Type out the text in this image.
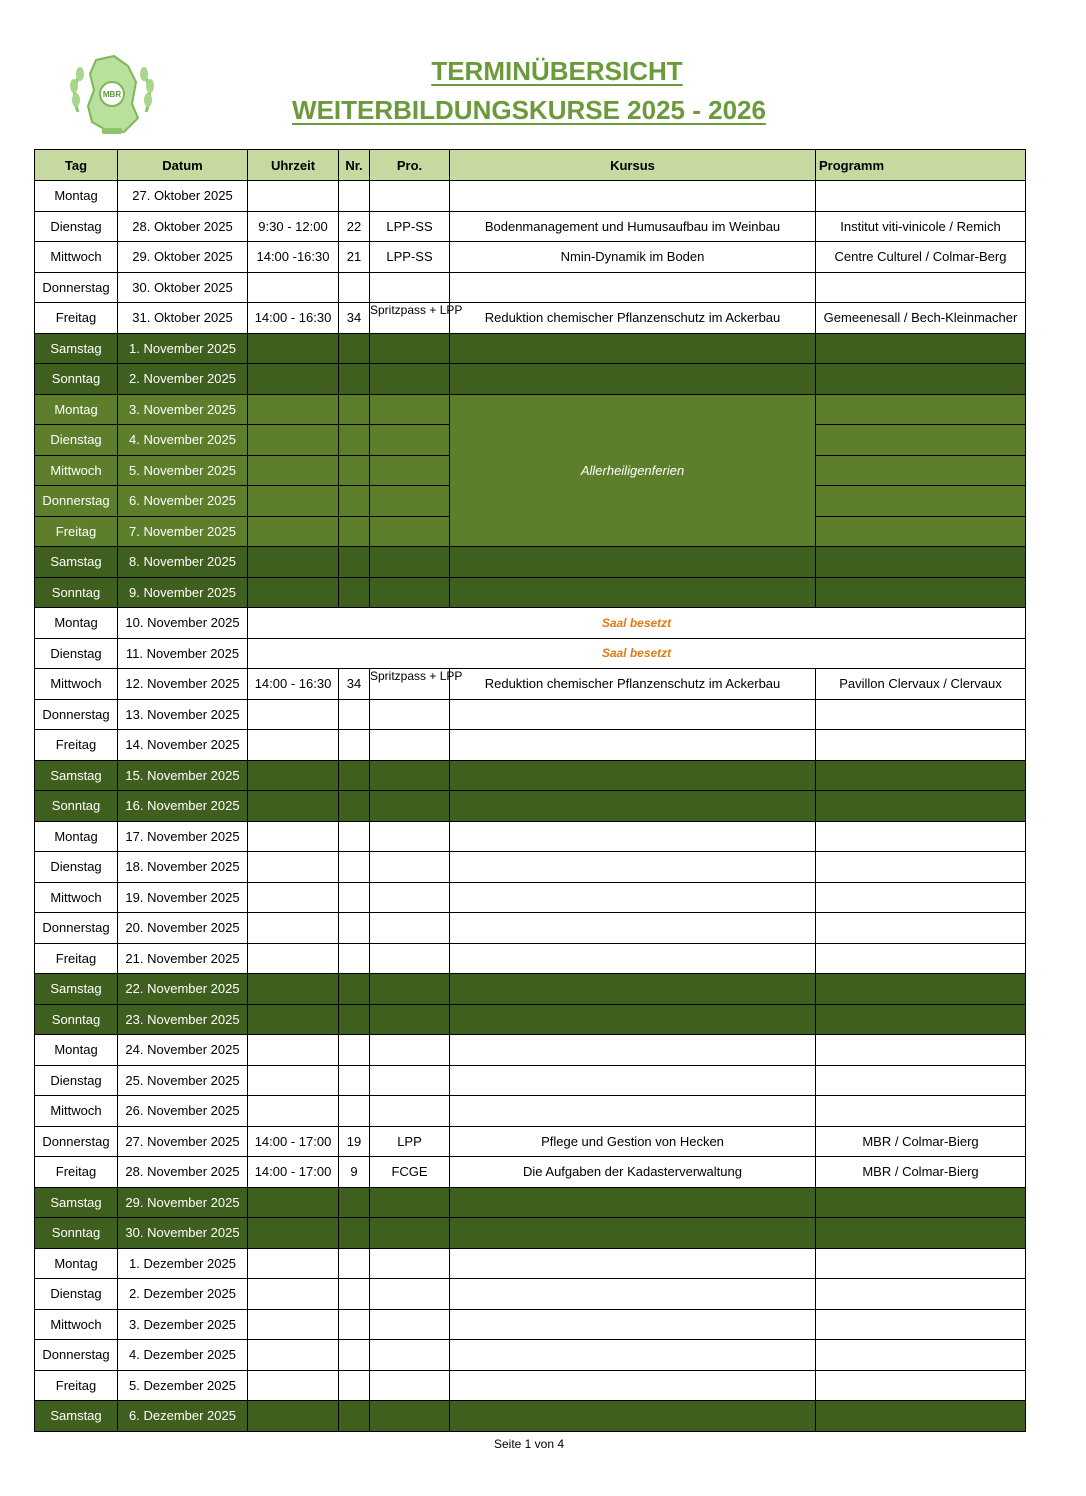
MBR
TERMINÜBERSICHT
WEITERBILDUNGSKURSE 2025 - 2026
Tag	Datum	Uhrzeit	Nr.	Pro.	Kursus	Programm
Montag	27. Oktober 2025					
Dienstag	28. Oktober 2025	9:30 - 12:00	22	LPP-SS	Bodenmanagement und Humusaufbau im Weinbau	Institut viti-vinicole / Remich
Mittwoch	29. Oktober 2025	14:00 -16:30	21	LPP-SS	Nmin-Dynamik im Boden	Centre Culturel / Colmar-Berg
Donnerstag	30. Oktober 2025					
Freitag	31. Oktober 2025	14:00 - 16:30	34	Spritzpass + LPP	Reduktion chemischer Pflanzenschutz im Ackerbau	Gemeenesall / Bech-Kleinmacher
Samstag	1. November 2025					
Sonntag	2. November 2025					
Montag	3. November 2025				Allerheiligenferien	
Dienstag	4. November 2025					
Mittwoch	5. November 2025					
Donnerstag	6. November 2025					
Freitag	7. November 2025					
Samstag	8. November 2025					
Sonntag	9. November 2025					
Montag	10. November 2025	Saal besetzt				
Dienstag	11. November 2025	Saal besetzt				
Mittwoch	12. November 2025	14:00 - 16:30	34	Spritzpass + LPP	Reduktion chemischer Pflanzenschutz im Ackerbau	Pavillon Clervaux / Clervaux
Donnerstag	13. November 2025					
Freitag	14. November 2025					
Samstag	15. November 2025					
Sonntag	16. November 2025					
Montag	17. November 2025					
Dienstag	18. November 2025					
Mittwoch	19. November 2025					
Donnerstag	20. November 2025					
Freitag	21. November 2025					
Samstag	22. November 2025					
Sonntag	23. November 2025					
Montag	24. November 2025					
Dienstag	25. November 2025					
Mittwoch	26. November 2025					
Donnerstag	27. November 2025	14:00 - 17:00	19	LPP	Pflege und Gestion von Hecken	MBR / Colmar-Bierg
Freitag	28. November 2025	14:00 - 17:00	9	FCGE	Die Aufgaben der Kadasterverwaltung	MBR / Colmar-Bierg
Samstag	29. November 2025					
Sonntag	30. November 2025					
Montag	1. Dezember 2025					
Dienstag	2. Dezember 2025					
Mittwoch	3. Dezember 2025					
Donnerstag	4. Dezember 2025					
Freitag	5. Dezember 2025					
Samstag	6. Dezember 2025					
Seite 1 von 4
